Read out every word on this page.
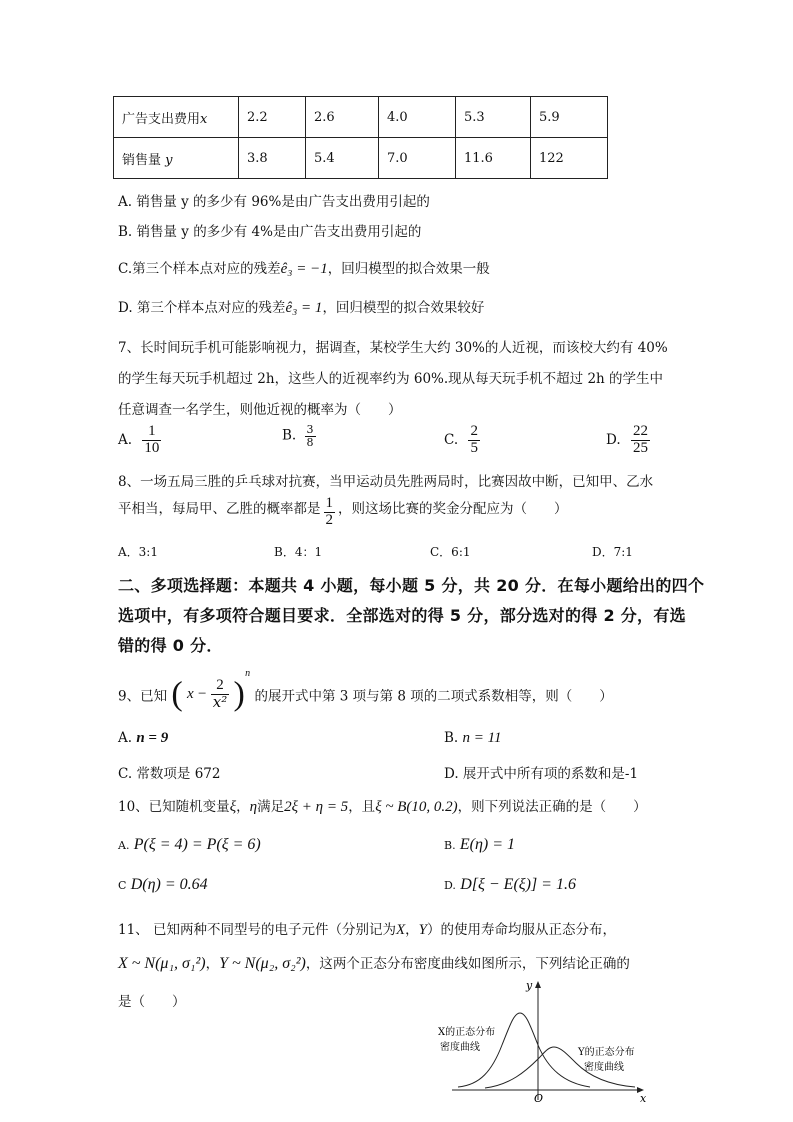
广告支出费用x	2.2	2.6	4.0	5.3	5.9
销售量 y	3.8	5.4	7.0	11.6	122
A. 销售量 y 的多少有 96%是由广告支出费用引起的
B. 销售量 y 的多少有 4%是由广告支出费用引起的
C.第三个样本点对应的残差ê₃ = −1，回归模型的拟合效果一般
D. 第三个样本点对应的残差ê₃ = 1，回归模型的拟合效果较好
7、长时间玩手机可能影响视力，据调查，某校学生大约 30%的人近视，而该校大约有 40%
的学生每天玩手机超过 2h，这些人的近视率约为 60%.现从每天玩手机不超过 2h 的学生中
任意调查一名学生，则他近视的概率为（　　）
A. $\frac{1}{10}$	B. $\frac{3}{8}$	C. $\frac{2}{5}$	D. $\frac{22}{25}$
8、一场五局三胜的乒乓球对抗赛，当甲运动员先胜两局时，比赛因故中断，已知甲、乙水
平相当，每局甲、乙胜的概率都是 $\frac{1}{2}$ ，则这场比赛的奖金分配应为（　　）
A．3:1	B．4：1	C．6:1	D．7:1
二、多项选择题：本题共 4 小题，每小题 5 分，共 20 分．在每小题给出的四个
选项中，有多项符合题目要求．全部选对的得 5 分，部分选对的得 2 分，有选
错的得 0 分．
9、已知 ( $x - \frac{2}{\text{x²}}$ ) $^n$ 的展开式中第 3 项与第 8 项的二项式系数相等，则（　　）
A. n = 9	B. n = 11
C. 常数项是 672	D. 展开式中所有项的系数和是-1
10、已知随机变量ξ，η满足2ξ + η = 5，且ξ ~ B(10, 0.2)，则下列说法正确的是（　　）
A. P(ξ = 4) = P(ξ = 6)	B. E(η) = 1
C D(η) = 0.64	D. D[ξ − E(ξ)] = 1.6
11、 已知两种不同型号的电子元件（分别记为X，Y）的使用寿命均服从正态分布，
X ~ N(μ₁, σ₁²)，Y ~ N(μ₂, σ₂²)，这两个正态分布密度曲线如图所示，下列结论正确的
是（　　）
y
x
O
X的正态分布
密度曲线	Y的正态分布
密度曲线
